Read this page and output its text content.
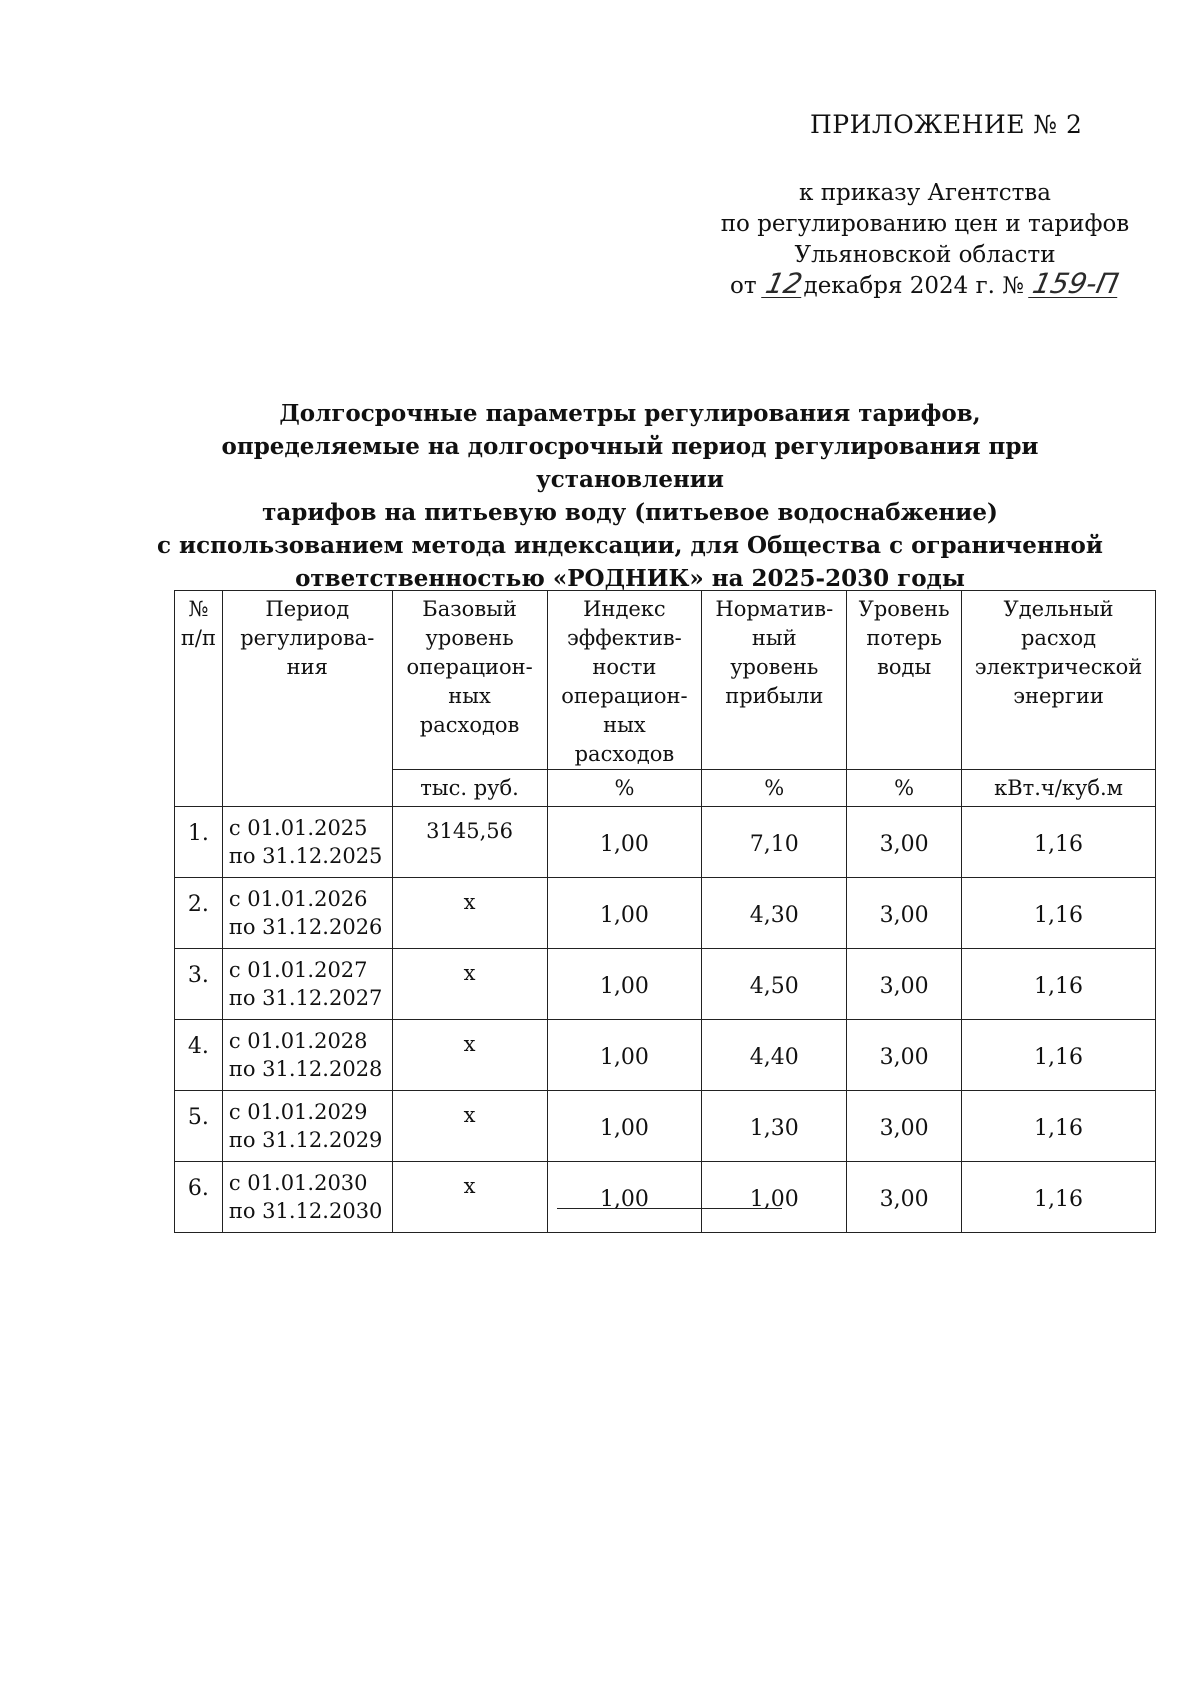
ПРИЛОЖЕНИЕ № 2
к приказу Агентства
по регулированию цен и тарифов
Ульяновской области
от 12декабря 2024 г. № 159-П
Долгосрочные параметры регулирования тарифов,
определяемые на долгосрочный период регулирования при установлении
тарифов на питьевую воду (питьевое водоснабжение)
с использованием метода индексации, для Общества с ограниченной
ответственностью «РОДНИК» на 2025-2030 годы
№ п/п	Период регулирова-ния	Базовый уровень операцион-ных расходов	Индекс эффектив-ности операцион-ных расходов	Норматив-ный уровень прибыли	Уровень потерь воды	Удельный расход электрической энергии
		тыс. руб.	%	%	%	кВт.ч/куб.м
1.	с 01.01.2025
по 31.12.2025	3145,56	1,00	7,10	3,00	1,16
2.	с 01.01.2026
по 31.12.2026	х	1,00	4,30	3,00	1,16
3.	с 01.01.2027
по 31.12.2027	х	1,00	4,50	3,00	1,16
4.	с 01.01.2028
по 31.12.2028	х	1,00	4,40	3,00	1,16
5.	с 01.01.2029
по 31.12.2029	х	1,00	1,30	3,00	1,16
6.	с 01.01.2030
по 31.12.2030	х	1,00	1,00	3,00	1,16
